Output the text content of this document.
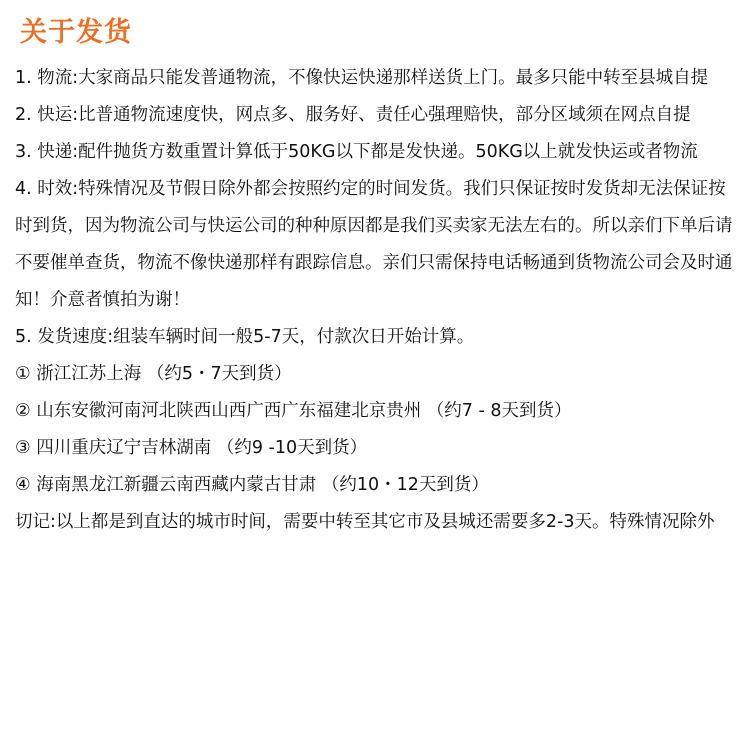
关于发货

1. 物流:大家商品只能发普通物流，不像快运快递那样送货上门。最多只能中转至县城自提

2. 快运:比普通物流速度快，网点多、服务好、责任心强理赔快，部分区域须在网点自提

3. 快递:配件抛货方数重置计算低于50KG以下都是发快递。50KG以上就发快运或者物流

4. 时效:特殊情况及节假日除外都会按照约定的时间发货。我们只保证按时发货却无法保证按时到货，因为物流公司与快运公司的种种原因都是我们买卖家无法左右的。所以亲们下单后请不要催单查货，物流不像快递那样有跟踪信息。亲们只需保持电话畅通到货物流公司会及时通知！介意者慎拍为谢！

5. 发货速度:组装车辆时间一般5-7天，付款次日开始计算。

① 浙江江苏上海 （约5・7天到货）

② 山东安徽河南河北陕西山西广西广东福建北京贵州 （约7 - 8天到货）

③ 四川重庆辽宁吉林湖南 （约9 -10天到货）

④ 海南黑龙江新疆云南西藏内蒙古甘肃 （约10・12天到货）

切记:以上都是到直达的城市时间，需要中转至其它市及县城还需要多2-3天。特殊情况除外
